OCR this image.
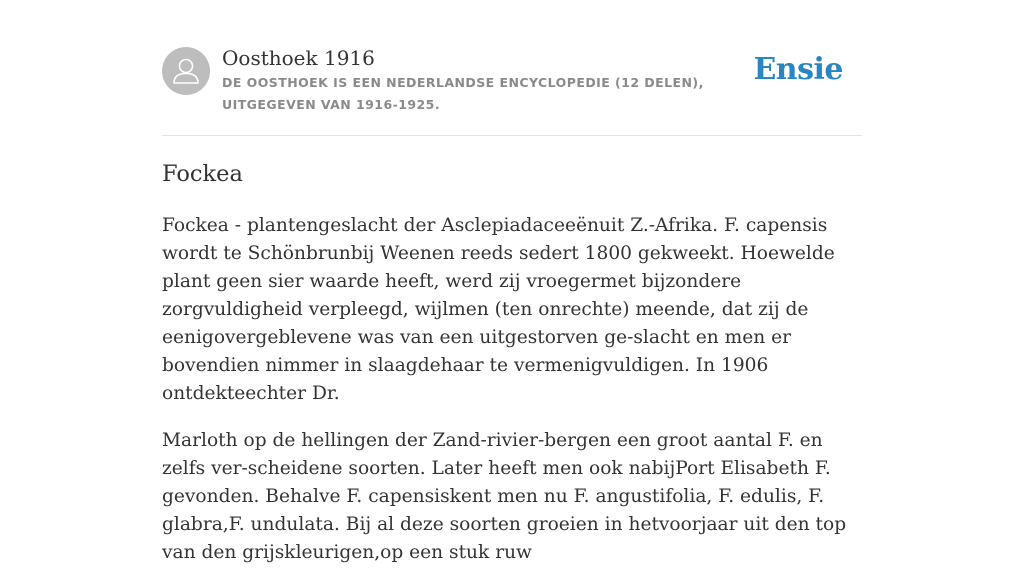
Oosthoek 1916
DE OOSTHOEK IS EEN NEDERLANDSE ENCYCLOPEDIE (12 DELEN), UITGEGEVEN VAN 1916-1925.
Ensie
Fockea

Fockea - plantengeslacht der Asclepiadaceeënuit Z.-Afrika. F. capensis wordt te Schönbrunbij Weenen reeds sedert 1800 gekweekt. Hoewelde plant geen sier waarde heeft, werd zij vroegermet bijzondere zorgvuldigheid verpleegd, wijlmen (ten onrechte) meende, dat zij de eenigovergeblevene was van een uitgestorven ge-slacht en men er bovendien nimmer in slaagdehaar te vermenigvuldigen. In 1906 ontdekteechter Dr.

Marloth op de hellingen der Zand-rivier-bergen een groot aantal F. en zelfs ver-scheidene soorten. Later heeft men ook nabijPort Elisabeth F. gevonden. Behalve F. capensiskent men nu F. angustifolia, F. edulis, F. glabra,F. undulata. Bij al deze soorten groeien in hetvoorjaar uit den top van den grijskleurigen,op een stuk ruw
